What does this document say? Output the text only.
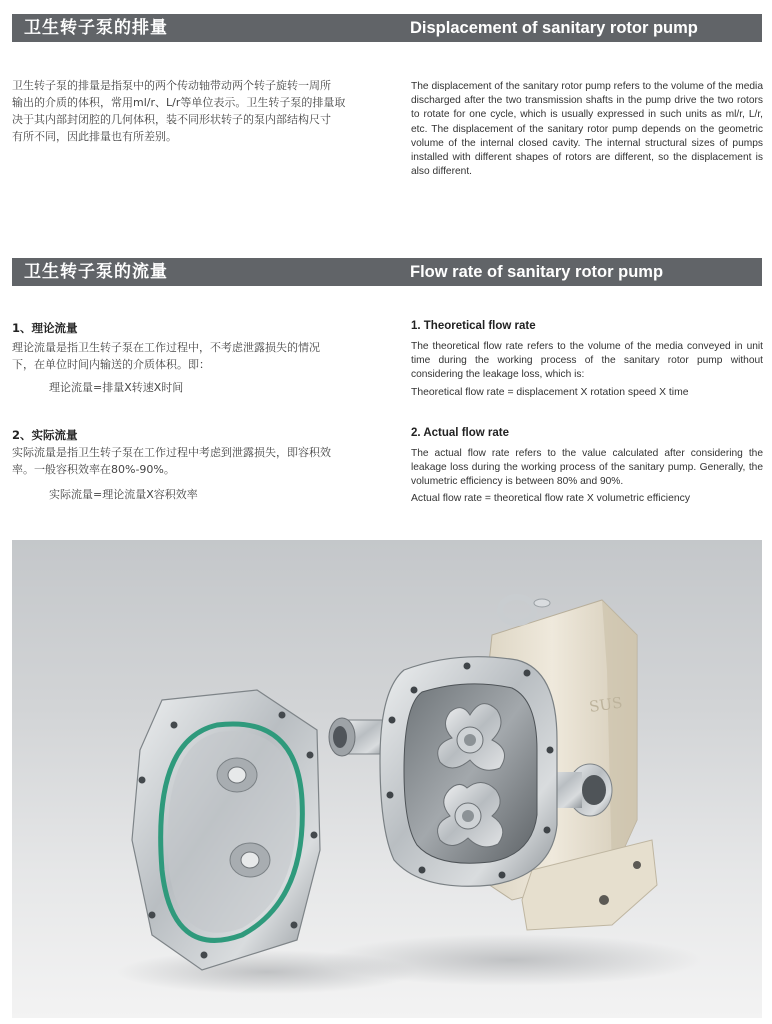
卫生转子泵的排量	Displacement of sanitary rotor pump
卫生转子泵的排量是指泵中的两个传动轴带动两个转子旋转一周所
输出的介质的体积，常用ml/r、L/r等单位表示。卫生转子泵的排量取
决于其内部封闭腔的几何体积，装不同形状转子的泵内部结构尺寸
有所不同，因此排量也有所差别。
The displacement of the sanitary rotor pump refers to the volume of the media discharged after the two transmission shafts in the pump drive the two rotors to rotate for one cycle, which is usually expressed in such units as ml/r, L/r, etc. The displacement of the sanitary rotor pump depends on the geometric volume of the internal closed cavity. The internal structural sizes of pumps installed with different shapes of rotors are different, so the displacement is also different.
卫生转子泵的流量	Flow rate of sanitary rotor pump
1、理论流量
理论流量是指卫生转子泵在工作过程中，不考虑泄露损失的情况
下，在单位时间内输送的介质体积。即：
理论流量=排量X转速X时间
1. Theoretical flow rate
The theoretical flow rate refers to the volume of the media conveyed in unit time during the working process of the sanitary rotor pump without considering the leakage loss, which is:
Theoretical flow rate = displacement X rotation speed X time
2、实际流量
实际流量是指卫生转子泵在工作过程中考虑到泄露损失，即容积效
率。一般容积效率在80%-90%。
实际流量=理论流量X容积效率
2. Actual flow rate
The actual flow rate refers to the value calculated after considering the leakage loss during the working process of the sanitary pump. Generally, the volumetric efficiency is between 80% and 90%.
Actual flow rate = theoretical flow rate X volumetric efficiency
SUS
